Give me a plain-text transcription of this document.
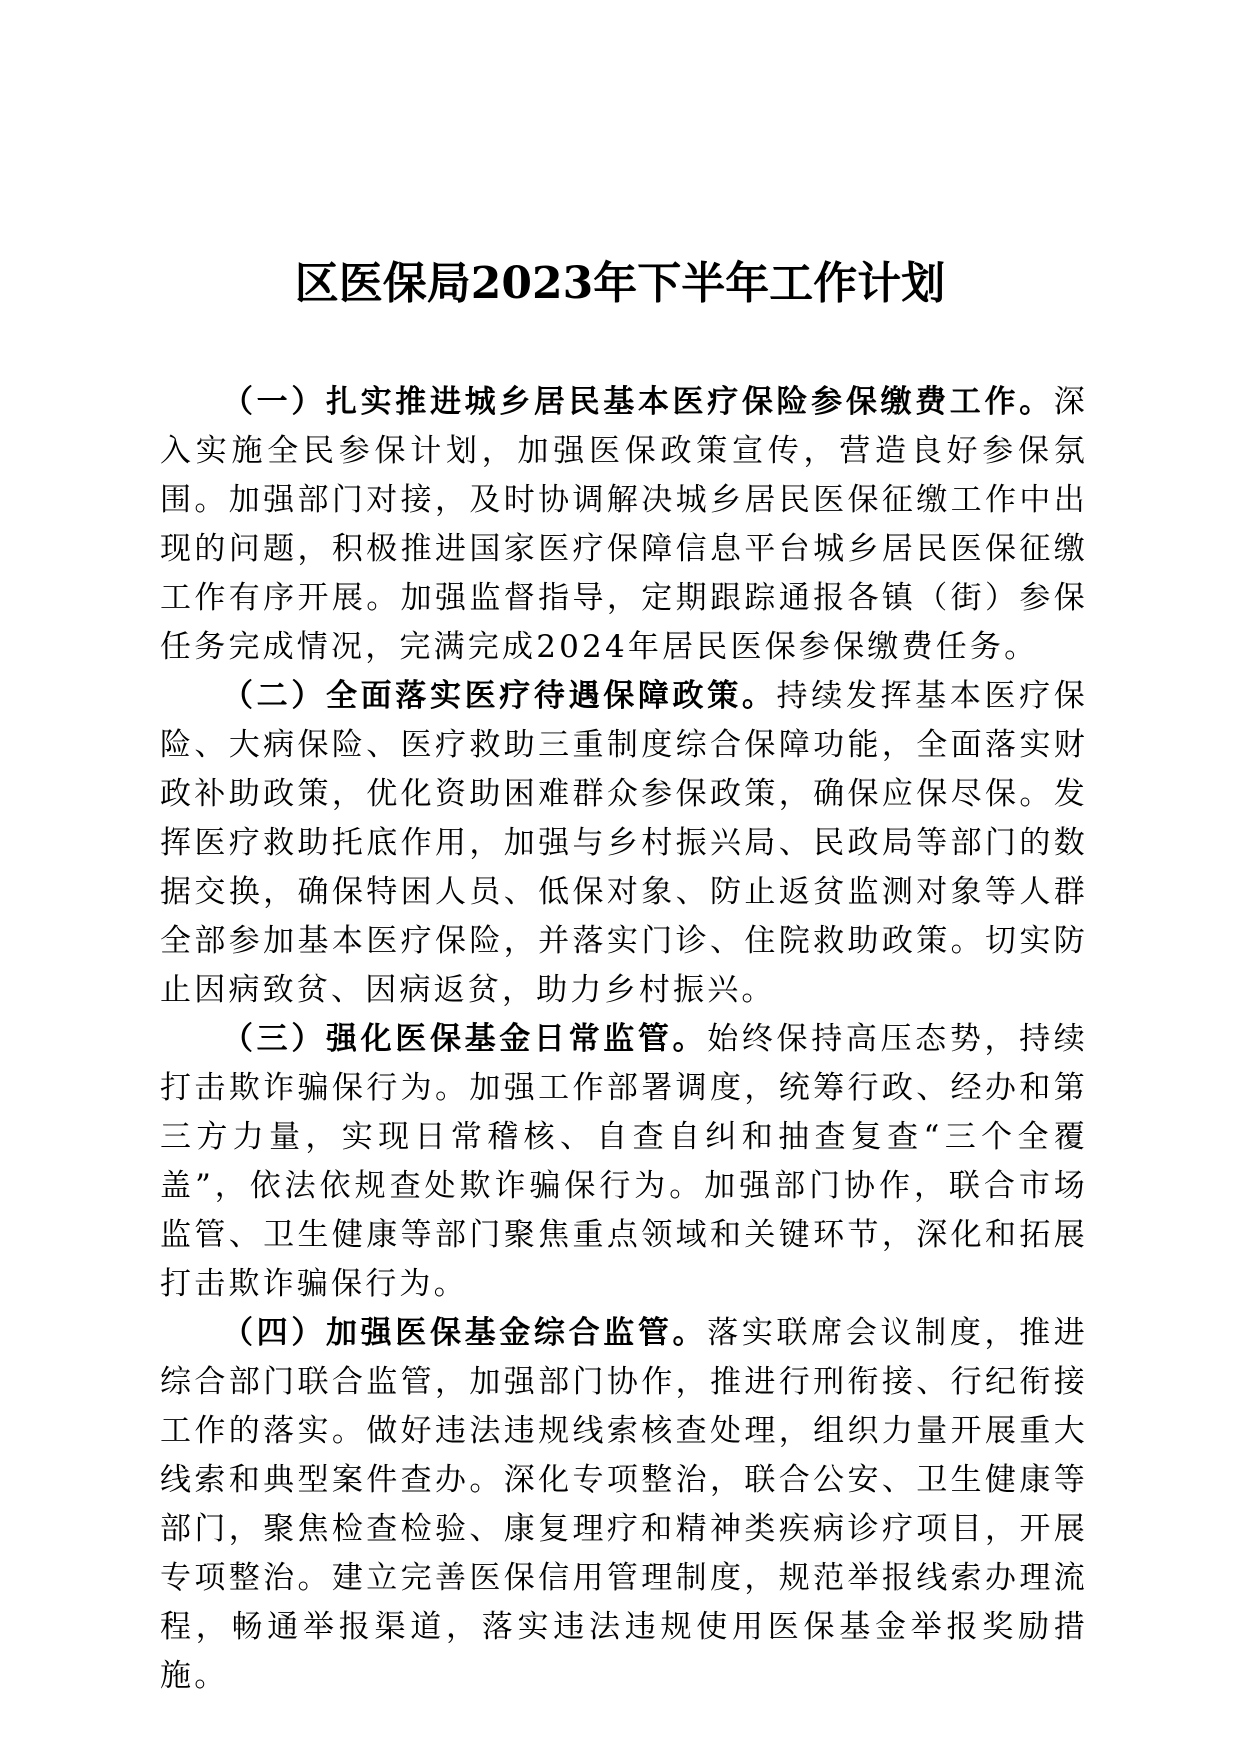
区医保局2023年下半年工作计划

（一）扎实推进城乡居民基本医疗保险参保缴费工作。深入实施全民参保计划，加强医保政策宣传，营造良好参保氛围。加强部门对接，及时协调解决城乡居民医保征缴工作中出现的问题，积极推进国家医疗保障信息平台城乡居民医保征缴工作有序开展。加强监督指导，定期跟踪通报各镇（街）参保任务完成情况，完满完成2024年居民医保参保缴费任务。

（二）全面落实医疗待遇保障政策。持续发挥基本医疗保险、大病保险、医疗救助三重制度综合保障功能，全面落实财政补助政策，优化资助困难群众参保政策，确保应保尽保。发挥医疗救助托底作用，加强与乡村振兴局、民政局等部门的数据交换，确保特困人员、低保对象、防止返贫监测对象等人群全部参加基本医疗保险，并落实门诊、住院救助政策。切实防止因病致贫、因病返贫，助力乡村振兴。

（三）强化医保基金日常监管。始终保持高压态势，持续打击欺诈骗保行为。加强工作部署调度，统筹行政、经办和第三方力量，实现日常稽核、自查自纠和抽查复查“三个全覆盖”，依法依规查处欺诈骗保行为。加强部门协作，联合市场监管、卫生健康等部门聚焦重点领域和关键环节，深化和拓展打击欺诈骗保行为。

（四）加强医保基金综合监管。落实联席会议制度，推进综合部门联合监管，加强部门协作，推进行刑衔接、行纪衔接工作的落实。做好违法违规线索核查处理，组织力量开展重大线索和典型案件查办。深化专项整治，联合公安、卫生健康等部门，聚焦检查检验、康复理疗和精神类疾病诊疗项目，开展专项整治。建立完善医保信用管理制度，规范举报线索办理流程，畅通举报渠道，落实违法违规使用医保基金举报奖励措施。
